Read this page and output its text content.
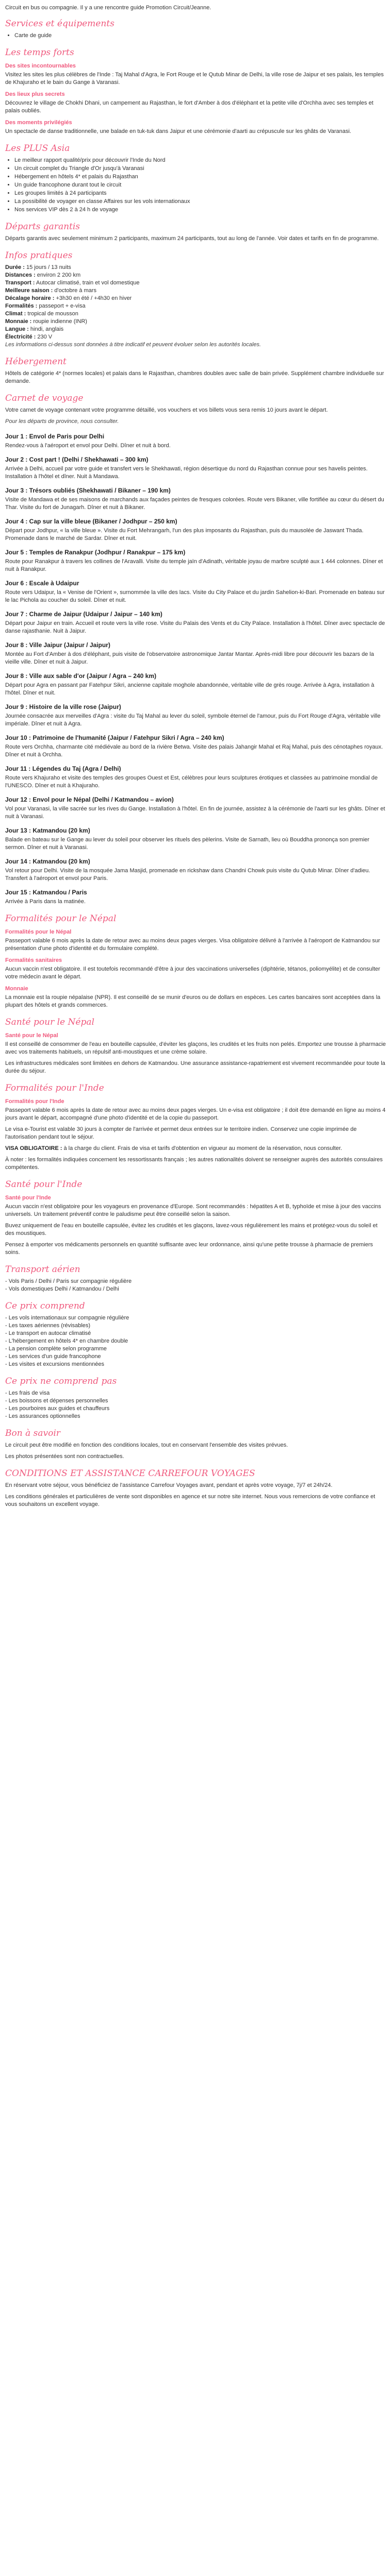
Circuit en bus ou compagnie. Il y a une rencontre guide Promotion Circuit/Jeanne.

Services et équipements
• Carte de guide
Les temps forts
Des sites incontournables

Visitez les sites les plus célèbres de l'Inde : Taj Mahal d'Agra, le Fort Rouge et le Qutub Minar de Delhi, la ville rose de Jaipur et ses palais, les temples de Khajuraho et le bain du Gange à Varanasi.

Des lieux plus secrets

Découvrez le village de Chokhi Dhani, un campement au Rajasthan, le fort d'Amber à dos d'éléphant et la petite ville d'Orchha avec ses temples et palais oubliés.

Des moments privilégiés

Un spectacle de danse traditionnelle, une balade en tuk-tuk dans Jaipur et une cérémonie d'aarti au crépuscule sur les ghâts de Varanasi.

Les PLUS Asia
• Le meilleur rapport qualité/prix pour découvrir l'Inde du Nord
• Un circuit complet du Triangle d'Or jusqu'à Varanasi
• Hébergement en hôtels 4* et palais du Rajasthan
• Un guide francophone durant tout le circuit
• Les groupes limités à 24 participants
• La possibilité de voyager en classe Affaires sur les vols internationaux
• Nos services VIP dès 2 à 24 h de voyage
Départs garantis

Départs garantis avec seulement minimum 2 participants, maximum 24 participants, tout au long de l'année. Voir dates et tarifs en fin de programme.

Infos pratiques
Durée : 15 jours / 13 nuits
Distances : environ 2 200 km
Transport : Autocar climatisé, train et vol domestique
Meilleure saison : d'octobre à mars
Décalage horaire : +3h30 en été / +4h30 en hiver
Formalités : passeport + e-visa
Climat : tropical de mousson
Monnaie : roupie indienne (INR)
Langue : hindi, anglais
Électricité : 230 V

Les informations ci-dessus sont données à titre indicatif et peuvent évoluer selon les autorités locales.

Hébergement

Hôtels de catégorie 4* (normes locales) et palais dans le Rajasthan, chambres doubles avec salle de bain privée. Supplément chambre individuelle sur demande.

Carnet de voyage

Votre carnet de voyage contenant votre programme détaillé, vos vouchers et vos billets vous sera remis 10 jours avant le départ.

Pour les départs de province, nous consulter.

Jour 1 : Envol de Paris pour Delhi

Rendez-vous à l'aéroport et envol pour Delhi. Dîner et nuit à bord.

Jour 2 : Cost part ! (Delhi / Shekhawati – 300 km)

Arrivée à Delhi, accueil par votre guide et transfert vers le Shekhawati, région désertique du nord du Rajasthan connue pour ses havelis peintes. Installation à l'hôtel et dîner. Nuit à Mandawa.

Jour 3 : Trésors oubliés (Shekhawati / Bikaner – 190 km)

Visite de Mandawa et de ses maisons de marchands aux façades peintes de fresques colorées. Route vers Bikaner, ville fortifiée au cœur du désert du Thar. Visite du fort de Junagarh. Dîner et nuit à Bikaner.

Jour 4 : Cap sur la ville bleue (Bikaner / Jodhpur – 250 km)

Départ pour Jodhpur, « la ville bleue ». Visite du Fort Mehrangarh, l'un des plus imposants du Rajasthan, puis du mausolée de Jaswant Thada. Promenade dans le marché de Sardar. Dîner et nuit.

Jour 5 : Temples de Ranakpur (Jodhpur / Ranakpur – 175 km)

Route pour Ranakpur à travers les collines de l'Aravalli. Visite du temple jaïn d'Adinath, véritable joyau de marbre sculpté aux 1 444 colonnes. Dîner et nuit à Ranakpur.

Jour 6 : Escale à Udaipur

Route vers Udaipur, la « Venise de l'Orient », surnommée la ville des lacs. Visite du City Palace et du jardin Sahelion-ki-Bari. Promenade en bateau sur le lac Pichola au coucher du soleil. Dîner et nuit.

Jour 7 : Charme de Jaipur (Udaipur / Jaipur – 140 km)

Départ pour Jaipur en train. Accueil et route vers la ville rose. Visite du Palais des Vents et du City Palace. Installation à l'hôtel. Dîner avec spectacle de danse rajasthanie. Nuit à Jaipur.

Jour 8 : Ville Jaipur (Jaipur / Jaipur)

Montée au Fort d'Amber à dos d'éléphant, puis visite de l'observatoire astronomique Jantar Mantar. Après-midi libre pour découvrir les bazars de la vieille ville. Dîner et nuit à Jaipur.

Jour 8 : Ville aux sable d'or (Jaipur / Agra – 240 km)

Départ pour Agra en passant par Fatehpur Sikri, ancienne capitale moghole abandonnée, véritable ville de grès rouge. Arrivée à Agra, installation à l'hôtel. Dîner et nuit.

Jour 9 : Histoire de la ville rose (Jaipur)

Journée consacrée aux merveilles d'Agra : visite du Taj Mahal au lever du soleil, symbole éternel de l'amour, puis du Fort Rouge d'Agra, véritable ville impériale. Dîner et nuit à Agra.

Jour 10 : Patrimoine de l'humanité (Jaipur / Fatehpur Sikri / Agra – 240 km)

Route vers Orchha, charmante cité médiévale au bord de la rivière Betwa. Visite des palais Jahangir Mahal et Raj Mahal, puis des cénotaphes royaux. Dîner et nuit à Orchha.

Jour 11 : Légendes du Taj (Agra / Delhi)

Route vers Khajuraho et visite des temples des groupes Ouest et Est, célèbres pour leurs sculptures érotiques et classées au patrimoine mondial de l'UNESCO. Dîner et nuit à Khajuraho.

Jour 12 : Envol pour le Népal (Delhi / Katmandou – avion)

Vol pour Varanasi, la ville sacrée sur les rives du Gange. Installation à l'hôtel. En fin de journée, assistez à la cérémonie de l'aarti sur les ghâts. Dîner et nuit à Varanasi.

Jour 13 : Katmandou (20 km)

Balade en bateau sur le Gange au lever du soleil pour observer les rituels des pèlerins. Visite de Sarnath, lieu où Bouddha prononça son premier sermon. Dîner et nuit à Varanasi.

Jour 14 : Katmandou (20 km)

Vol retour pour Delhi. Visite de la mosquée Jama Masjid, promenade en rickshaw dans Chandni Chowk puis visite du Qutub Minar. Dîner d'adieu. Transfert à l'aéroport et envol pour Paris.

Jour 15 : Katmandou / Paris

Arrivée à Paris dans la matinée.

Formalités pour le Népal
Formalités pour le Népal

Passeport valable 6 mois après la date de retour avec au moins deux pages vierges. Visa obligatoire délivré à l'arrivée à l'aéroport de Katmandou sur présentation d'une photo d'identité et du formulaire complété.

Formalités sanitaires

Aucun vaccin n'est obligatoire. Il est toutefois recommandé d'être à jour des vaccinations universelles (diphtérie, tétanos, poliomyélite) et de consulter votre médecin avant le départ.

Monnaie

La monnaie est la roupie népalaise (NPR). Il est conseillé de se munir d'euros ou de dollars en espèces. Les cartes bancaires sont acceptées dans la plupart des hôtels et grands commerces.

Santé pour le Népal
Santé pour le Népal

Il est conseillé de consommer de l'eau en bouteille capsulée, d'éviter les glaçons, les crudités et les fruits non pelés. Emportez une trousse à pharmacie avec vos traitements habituels, un répulsif anti-moustiques et une crème solaire.

Les infrastructures médicales sont limitées en dehors de Katmandou. Une assurance assistance-rapatriement est vivement recommandée pour toute la durée du séjour.

Formalités pour l'Inde
Formalités pour l'Inde

Passeport valable 6 mois après la date de retour avec au moins deux pages vierges. Un e-visa est obligatoire ; il doit être demandé en ligne au moins 4 jours avant le départ, accompagné d'une photo d'identité et de la copie du passeport.

Le visa e-Tourist est valable 30 jours à compter de l'arrivée et permet deux entrées sur le territoire indien. Conservez une copie imprimée de l'autorisation pendant tout le séjour.

VISA OBLIGATOIRE : à la charge du client. Frais de visa et tarifs d'obtention en vigueur au moment de la réservation, nous consulter.

À noter : les formalités indiquées concernent les ressortissants français ; les autres nationalités doivent se renseigner auprès des autorités consulaires compétentes.

Santé pour l'Inde
Santé pour l'Inde

Aucun vaccin n'est obligatoire pour les voyageurs en provenance d'Europe. Sont recommandés : hépatites A et B, typhoïde et mise à jour des vaccins universels. Un traitement préventif contre le paludisme peut être conseillé selon la saison.

Buvez uniquement de l'eau en bouteille capsulée, évitez les crudités et les glaçons, lavez-vous régulièrement les mains et protégez-vous du soleil et des moustiques.

Pensez à emporter vos médicaments personnels en quantité suffisante avec leur ordonnance, ainsi qu'une petite trousse à pharmacie de premiers soins.

Transport aérien
- Vols Paris / Delhi / Paris sur compagnie régulière
- Vols domestiques Delhi / Katmandou / Delhi
Ce prix comprend
- Les vols internationaux sur compagnie régulière
- Les taxes aériennes (révisables)
- Le transport en autocar climatisé
- L'hébergement en hôtels 4* en chambre double
- La pension complète selon programme
- Les services d'un guide francophone
- Les visites et excursions mentionnées
Ce prix ne comprend pas
- Les frais de visa
- Les boissons et dépenses personnelles
- Les pourboires aux guides et chauffeurs
- Les assurances optionnelles
Bon à savoir

Le circuit peut être modifié en fonction des conditions locales, tout en conservant l'ensemble des visites prévues.

Les photos présentées sont non contractuelles.

CONDITIONS ET ASSISTANCE CARREFOUR VOYAGES

En réservant votre séjour, vous bénéficiez de l'assistance Carrefour Voyages avant, pendant et après votre voyage, 7j/7 et 24h/24.

Les conditions générales et particulières de vente sont disponibles en agence et sur notre site internet. Nous vous remercions de votre confiance et vous souhaitons un excellent voyage.
